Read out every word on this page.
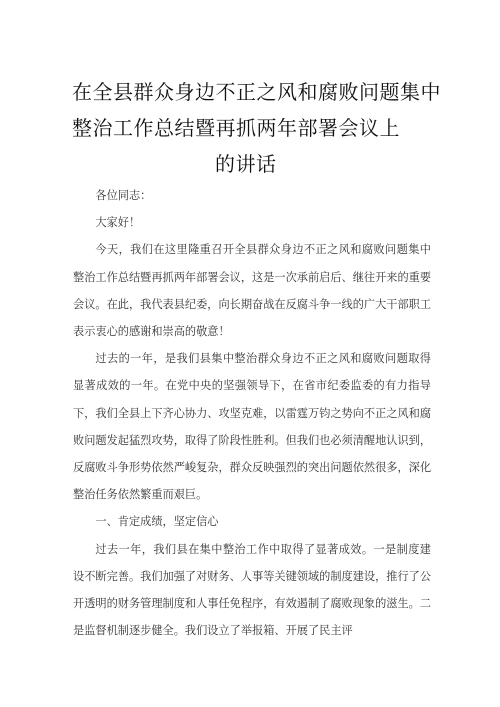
在全县群众身边不正之风和腐败问题集中
整治工作总结暨再抓两年部署会议上
的讲话

各位同志：

大家好！

今天，我们在这里隆重召开全县群众身边不正之风和腐败问题集中整治工作总结暨再抓两年部署会议，这是一次承前启后、继往开来的重要会议。在此，我代表县纪委，向长期奋战在反腐斗争一线的广大干部职工表示衷心的感谢和崇高的敬意！

过去的一年，是我们县集中整治群众身边不正之风和腐败问题取得显著成效的一年。在党中央的坚强领导下，在省市纪委监委的有力指导下，我们全县上下齐心协力、攻坚克难，以雷霆万钧之势向不正之风和腐败问题发起猛烈攻势，取得了阶段性胜利。但我们也必须清醒地认识到，反腐败斗争形势依然严峻复杂，群众反映强烈的突出问题依然很多，深化整治任务依然繁重而艰巨。

一、肯定成绩，坚定信心

过去一年，我们县在集中整治工作中取得了显著成效。一是制度建设不断完善。我们加强了对财务、人事等关键领域的制度建设，推行了公开透明的财务管理制度和人事任免程序，有效遏制了腐败现象的滋生。二是监督机制逐步健全。我们设立了举报箱、开展了民主评
